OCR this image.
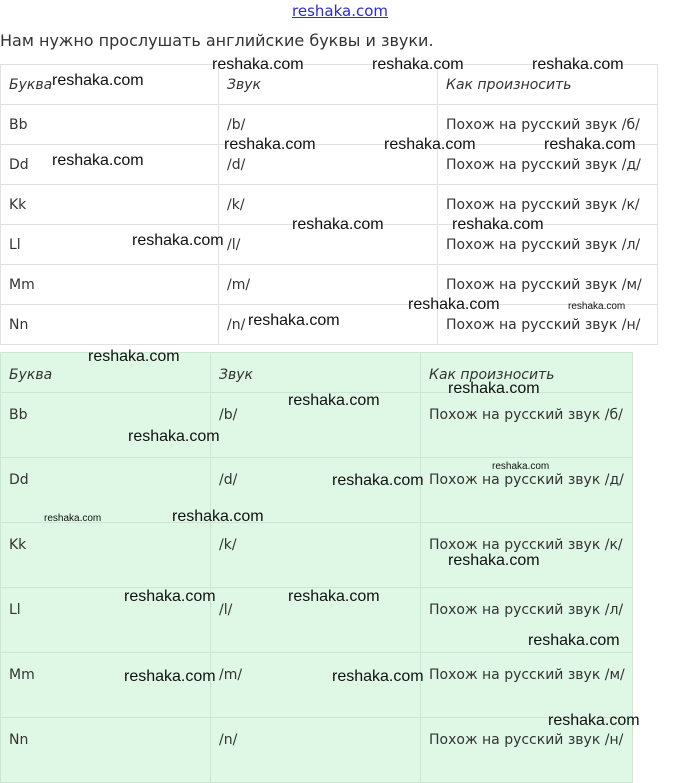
reshaka.com
Нам нужно прослушать английские буквы и звуки.
Буква	Звук	Как произносить
Bb	/b/	Похож на русский звук /б/
Dd	/d/	Похож на русский звук /д/
Kk	/k/	Похож на русский звук /к/
Ll	/l/	Похож на русский звук /л/
Mm	/m/	Похож на русский звук /м/
Nn	/n/	Похож на русский звук /н/
Буква	Звук	Как произносить
Bb	/b/	Похож на русский звук /б/
Dd	/d/	Похож на русский звук /д/
Kk	/k/	Похож на русский звук /к/
Ll	/l/	Похож на русский звук /л/
Mm	/m/	Похож на русский звук /м/
Nn	/n/	Похож на русский звук /н/
reshaka.com
reshaka.com	reshaka.com	reshaka.com
reshaka.com
reshaka.com	reshaka.com	reshaka.com
reshaka.com	reshaka.com
reshaka.com
reshaka.com	reshaka.com
reshaka.com
reshaka.com
reshaka.com
reshaka.com
reshaka.com
reshaka.com
reshaka.com
reshaka.com
reshaka.com
reshaka.com
reshaka.com	reshaka.com
reshaka.com
reshaka.com	reshaka.com
reshaka.com
